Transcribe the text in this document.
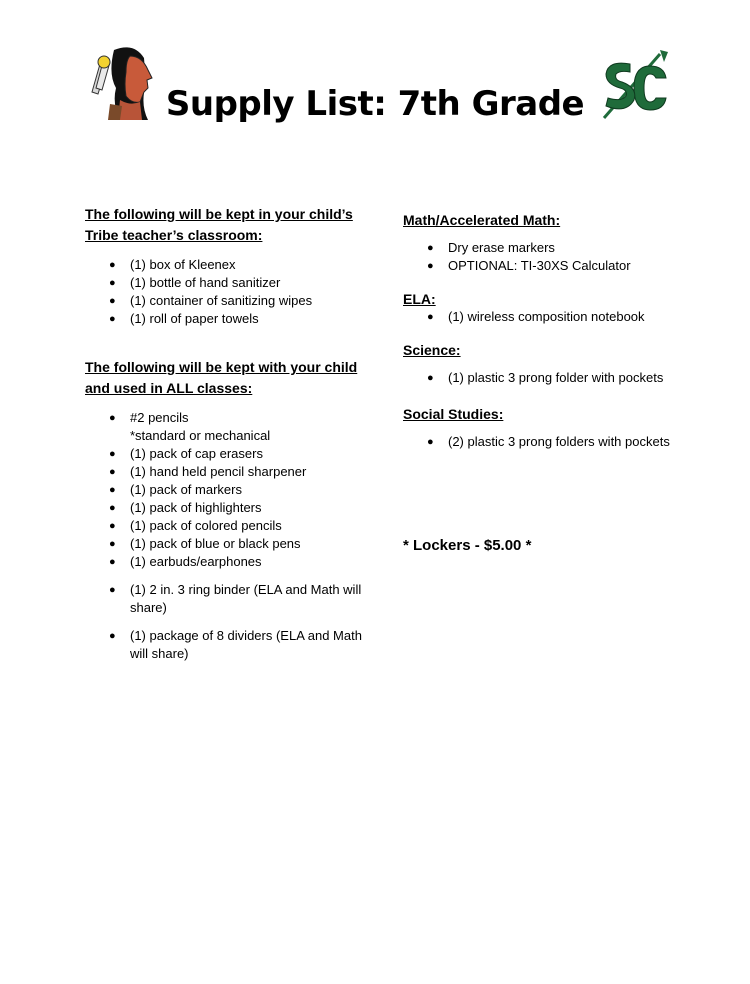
Supply List: 7th Grade

The following will be kept in your child’s
Tribe teacher’s classroom:

● (1) box of Kleenex
● (1) bottle of hand sanitizer
● (1) container of sanitizing wipes
● (1) roll of paper towels

The following will be kept with your child
and used in ALL classes:

● #2 pencils
*standard or mechanical
● (1) pack of cap erasers
● (1) hand held pencil sharpener
● (1) pack of markers
● (1) pack of highlighters
● (1) pack of colored pencils
● (1) pack of blue or black pens
● (1) earbuds/earphones
● (1) 2 in. 3 ring binder (ELA and Math will
share)
● (1) package of 8 dividers (ELA and Math
will share)

Math/Accelerated Math:

● Dry erase markers
● OPTIONAL: TI-30XS Calculator

ELA:

● (1) wireless composition notebook

Science:

● (1) plastic 3 prong folder with pockets

Social Studies:

● (2) plastic 3 prong folders with pockets

* Lockers - $5.00 *
